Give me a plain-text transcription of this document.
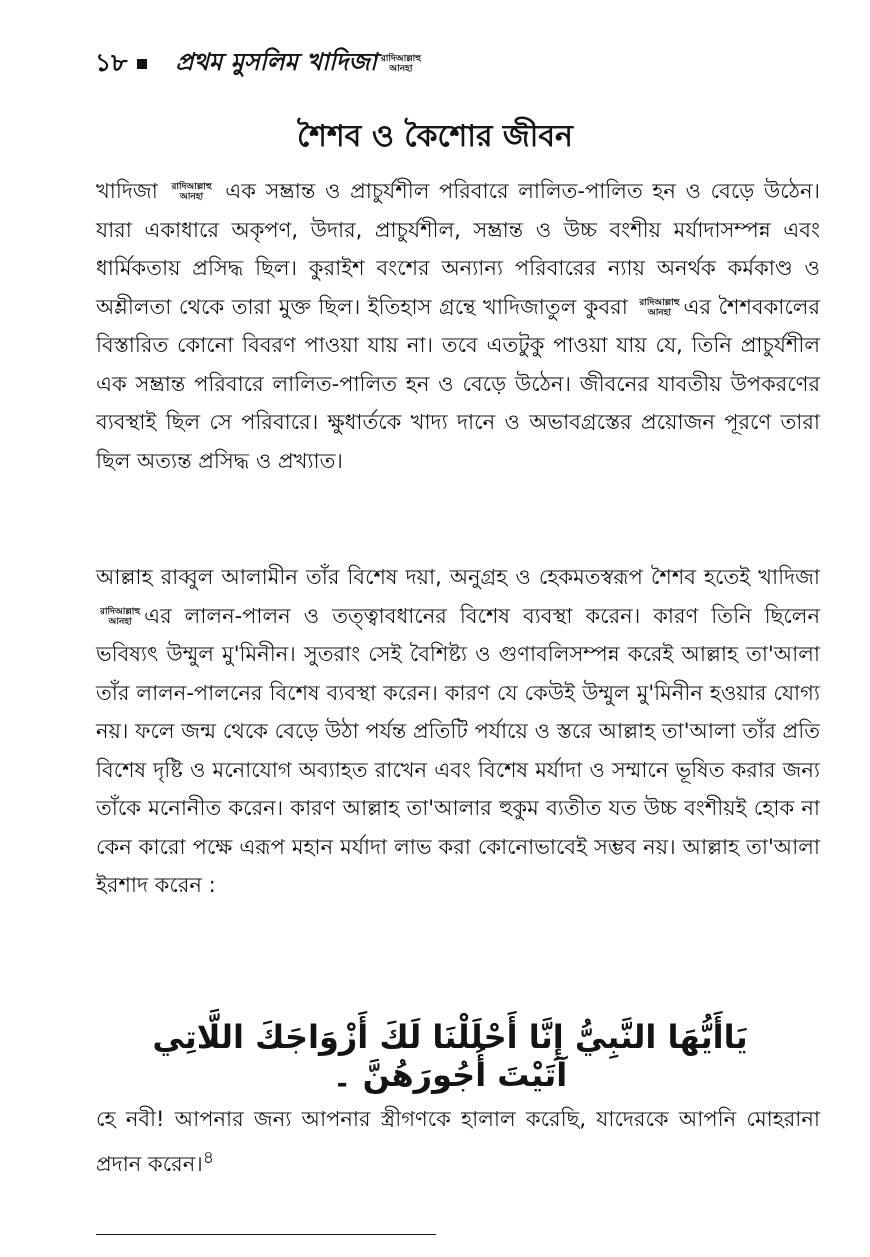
১৮ প্রথম মুসলিম খাদিজা রাদিআল্লাহু
আনহা
শৈশব ও কৈশোর জীবন
খাদিজা রাদিআল্লাহু
আনহা	এক সম্ভ্রান্ত ও প্রাচুর্যশীল পরিবারে লালিত-পালিত হন ও বেড়ে উঠেন। যারা একাধারে অকৃপণ, উদার, প্রাচুর্যশীল, সম্ভ্রান্ত ও উচ্চ বংশীয় মর্যাদাসম্পন্ন এবং ধার্মিকতায় প্রসিদ্ধ ছিল। কুরাইশ বংশের অন্যান্য পরিবারের ন্যায় অনর্থক কর্মকাণ্ড ও অশ্লীলতা থেকে তারা মুক্ত ছিল। ইতিহাস গ্রন্থে খাদিজাতুল কুবরা রাদিআল্লাহু
আনহা এর শৈশবকালের বিস্তারিত কোনো বিবরণ পাওয়া যায় না। তবে এতটুকু পাওয়া যায় যে, তিনি প্রাচুর্যশীল এক সম্ভ্রান্ত পরিবারে লালিত-পালিত হন ও বেড়ে উঠেন। জীবনের যাবতীয় উপকরণের ব্যবস্থাই ছিল সে পরিবারে। ক্ষুধার্তকে খাদ্য দানে ও অভাবগ্রস্তের প্রয়োজন পূরণে তারা ছিল অত্যন্ত প্রসিদ্ধ ও প্রখ্যাত।
আল্লাহ রাব্বুল আলামীন তাঁর বিশেষ দয়া, অনুগ্রহ ও হেকমতস্বরূপ শৈশব হতেই খাদিজা
রাদিআল্লাহু
আনহা এর লালন-পালন ও তত্ত্বাবধানের বিশেষ ব্যবস্থা করেন। কারণ তিনি ছিলেন ভবিষ্যৎ উম্মুল মু'মিনীন। সুতরাং সেই বৈশিষ্ট্য ও গুণাবলিসম্পন্ন করেই আল্লাহ তা'আলা তাঁর লালন-পালনের বিশেষ ব্যবস্থা করেন। কারণ যে কেউই উম্মুল মু'মিনীন হওয়ার যোগ্য নয়। ফলে জন্ম থেকে বেড়ে উঠা পর্যন্ত প্রতিটি পর্যায়ে ও স্তরে আল্লাহ তা'আলা তাঁর প্রতি বিশেষ দৃষ্টি ও মনোযোগ অব্যাহত রাখেন এবং বিশেষ মর্যাদা ও সম্মানে ভূষিত করার জন্য তাঁকে মনোনীত করেন। কারণ আল্লাহ তা'আলার হুকুম ব্যতীত যত উচ্চ বংশীয়ই হোক না কেন কারো পক্ষে এরূপ মহান মর্যাদা লাভ করা কোনোভাবেই সম্ভব নয়। আল্লাহ তা'আলা ইরশাদ করেন :
يَاأَيُّهَا النَّبِيُّ إِنَّا أَحْلَلْنَا لَكَ أَزْوَاجَكَ اللَّاتِي آتَيْتَ أُجُورَهُنَّ ۔
হে নবী! আপনার জন্য আপনার স্ত্রীগণকে হালাল করেছি, যাদেরকে আপনি মোহরানা প্রদান করেন।$^৪$
